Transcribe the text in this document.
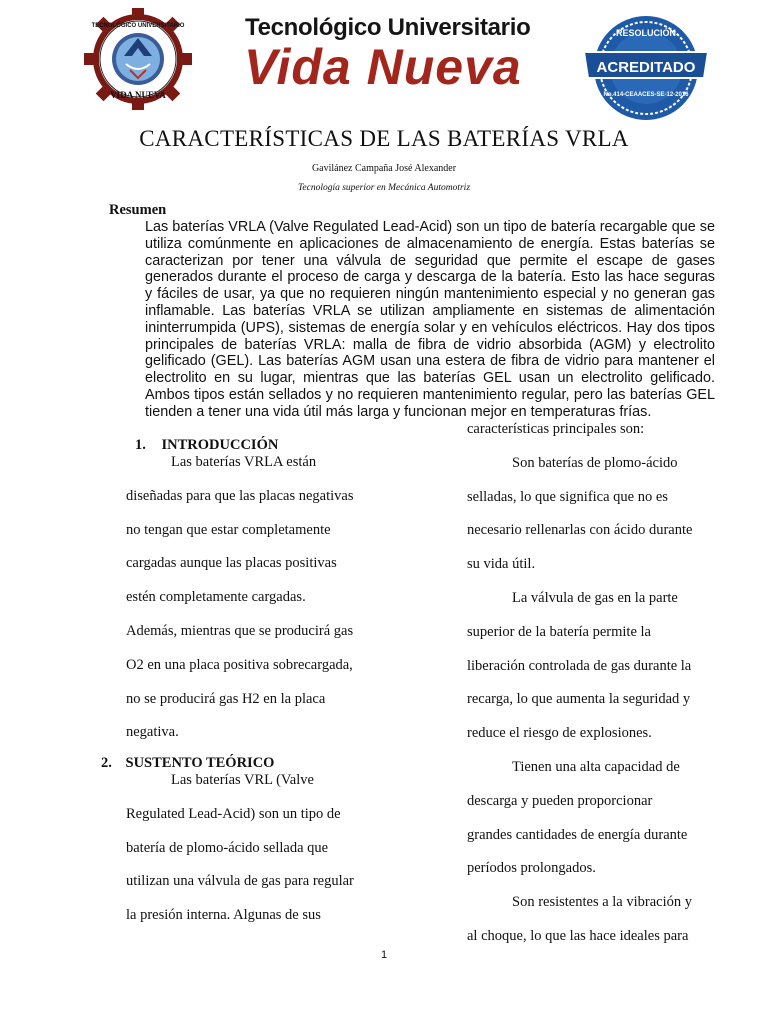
VIDA NUEVA
TECNOLÓGICO UNIVERSITARIO	Tecnológico Universitario
Vida Nueva
RESOLUCIÓN
ACREDITADO
No.414-CEAACES-SE-12-2016
CARACTERÍSTICAS DE LAS BATERÍAS VRLA
Gavilánez Campaña José Alexander
Tecnología superior en Mecánica Automotriz
Resumen
Las baterías VRLA (Valve Regulated Lead-Acid) son un tipo de batería recargable que se utiliza comúnmente en aplicaciones de almacenamiento de energía. Estas baterías se caracterizan por tener una válvula de seguridad que permite el escape de gases generados durante el proceso de carga y descarga de la batería. Esto las hace seguras y fáciles de usar, ya que no requieren ningún mantenimiento especial y no generan gas inflamable. Las baterías VRLA se utilizan ampliamente en sistemas de alimentación ininterrumpida (UPS), sistemas de energía solar y en vehículos eléctricos. Hay dos tipos principales de baterías VRLA: malla de fibra de vidrio absorbida (AGM) y electrolito gelificado (GEL). Las baterías AGM usan una estera de fibra de vidrio para mantener el electrolito en su lugar, mientras que las baterías GEL usan un electrolito gelificado. Ambos tipos están sellados y no requieren mantenimiento regular, pero las baterías GEL tienden a tener una vida útil más larga y funcionan mejor en temperaturas frías.
1. INTRODUCCIÓN

Las baterías VRLA están

diseñadas para que las placas negativas

no tengan que estar completamente

cargadas aunque las placas positivas

estén completamente cargadas.

Además, mientras que se producirá gas

O2 en una placa positiva sobrecargada,

no se producirá gas H2 en la placa

negativa.

2. SUSTENTO TEÓRICO

Las baterías VRL (Valve

Regulated Lead-Acid) son un tipo de

batería de plomo-ácido sellada que

utilizan una válvula de gas para regular

la presión interna. Algunas de sus

características principales son:

Son baterías de plomo-ácido

selladas, lo que significa que no es

necesario rellenarlas con ácido durante

su vida útil.

La válvula de gas en la parte

superior de la batería permite la

liberación controlada de gas durante la

recarga, lo que aumenta la seguridad y

reduce el riesgo de explosiones.

Tienen una alta capacidad de

descarga y pueden proporcionar

grandes cantidades de energía durante

períodos prolongados.

Son resistentes a la vibración y

al choque, lo que las hace ideales para

1
